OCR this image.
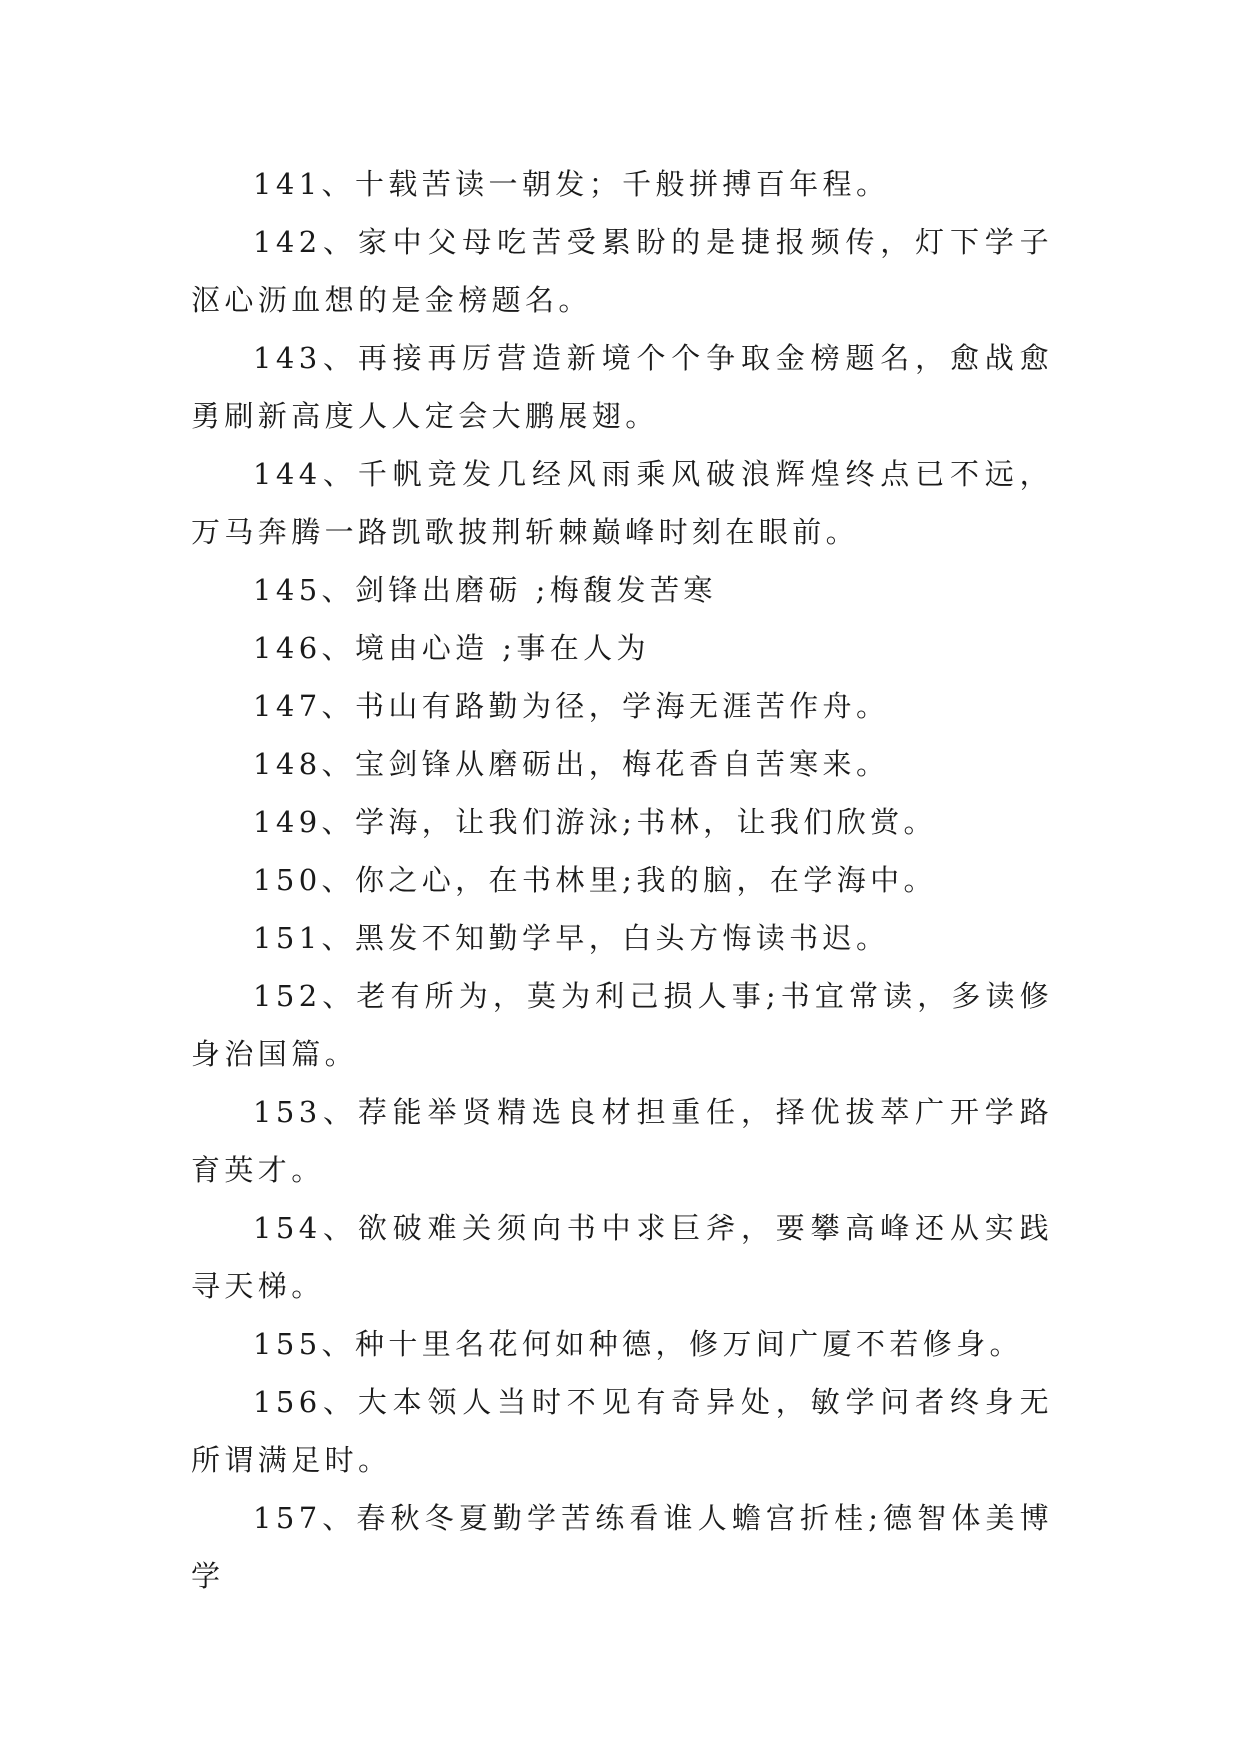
141、十载苦读一朝发；千般拼搏百年程。

142、家中父母吃苦受累盼的是捷报频传，灯下学子沤心沥血想的是金榜题名。

143、再接再厉营造新境个个争取金榜题名，愈战愈勇刷新高度人人定会大鹏展翅。

144、千帆竞发几经风雨乘风破浪辉煌终点已不远，万马奔腾一路凯歌披荆斩棘巅峰时刻在眼前。

145、剑锋出磨砺 ;梅馥发苦寒

146、境由心造 ;事在人为

147、书山有路勤为径，学海无涯苦作舟。

148、宝剑锋从磨砺出，梅花香自苦寒来。

149、学海，让我们游泳;书林，让我们欣赏。

150、你之心，在书林里;我的脑，在学海中。

151、黑发不知勤学早，白头方悔读书迟。

152、老有所为，莫为利己损人事;书宜常读，多读修身治国篇。

153、荐能举贤精选良材担重任，择优拔萃广开学路育英才。

154、欲破难关须向书中求巨斧，要攀高峰还从实践寻天梯。

155、种十里名花何如种德，修万间广厦不若修身。

156、大本领人当时不见有奇异处，敏学问者终身无所谓满足时。

157、春秋冬夏勤学苦练看谁人蟾宫折桂;德智体美博学
